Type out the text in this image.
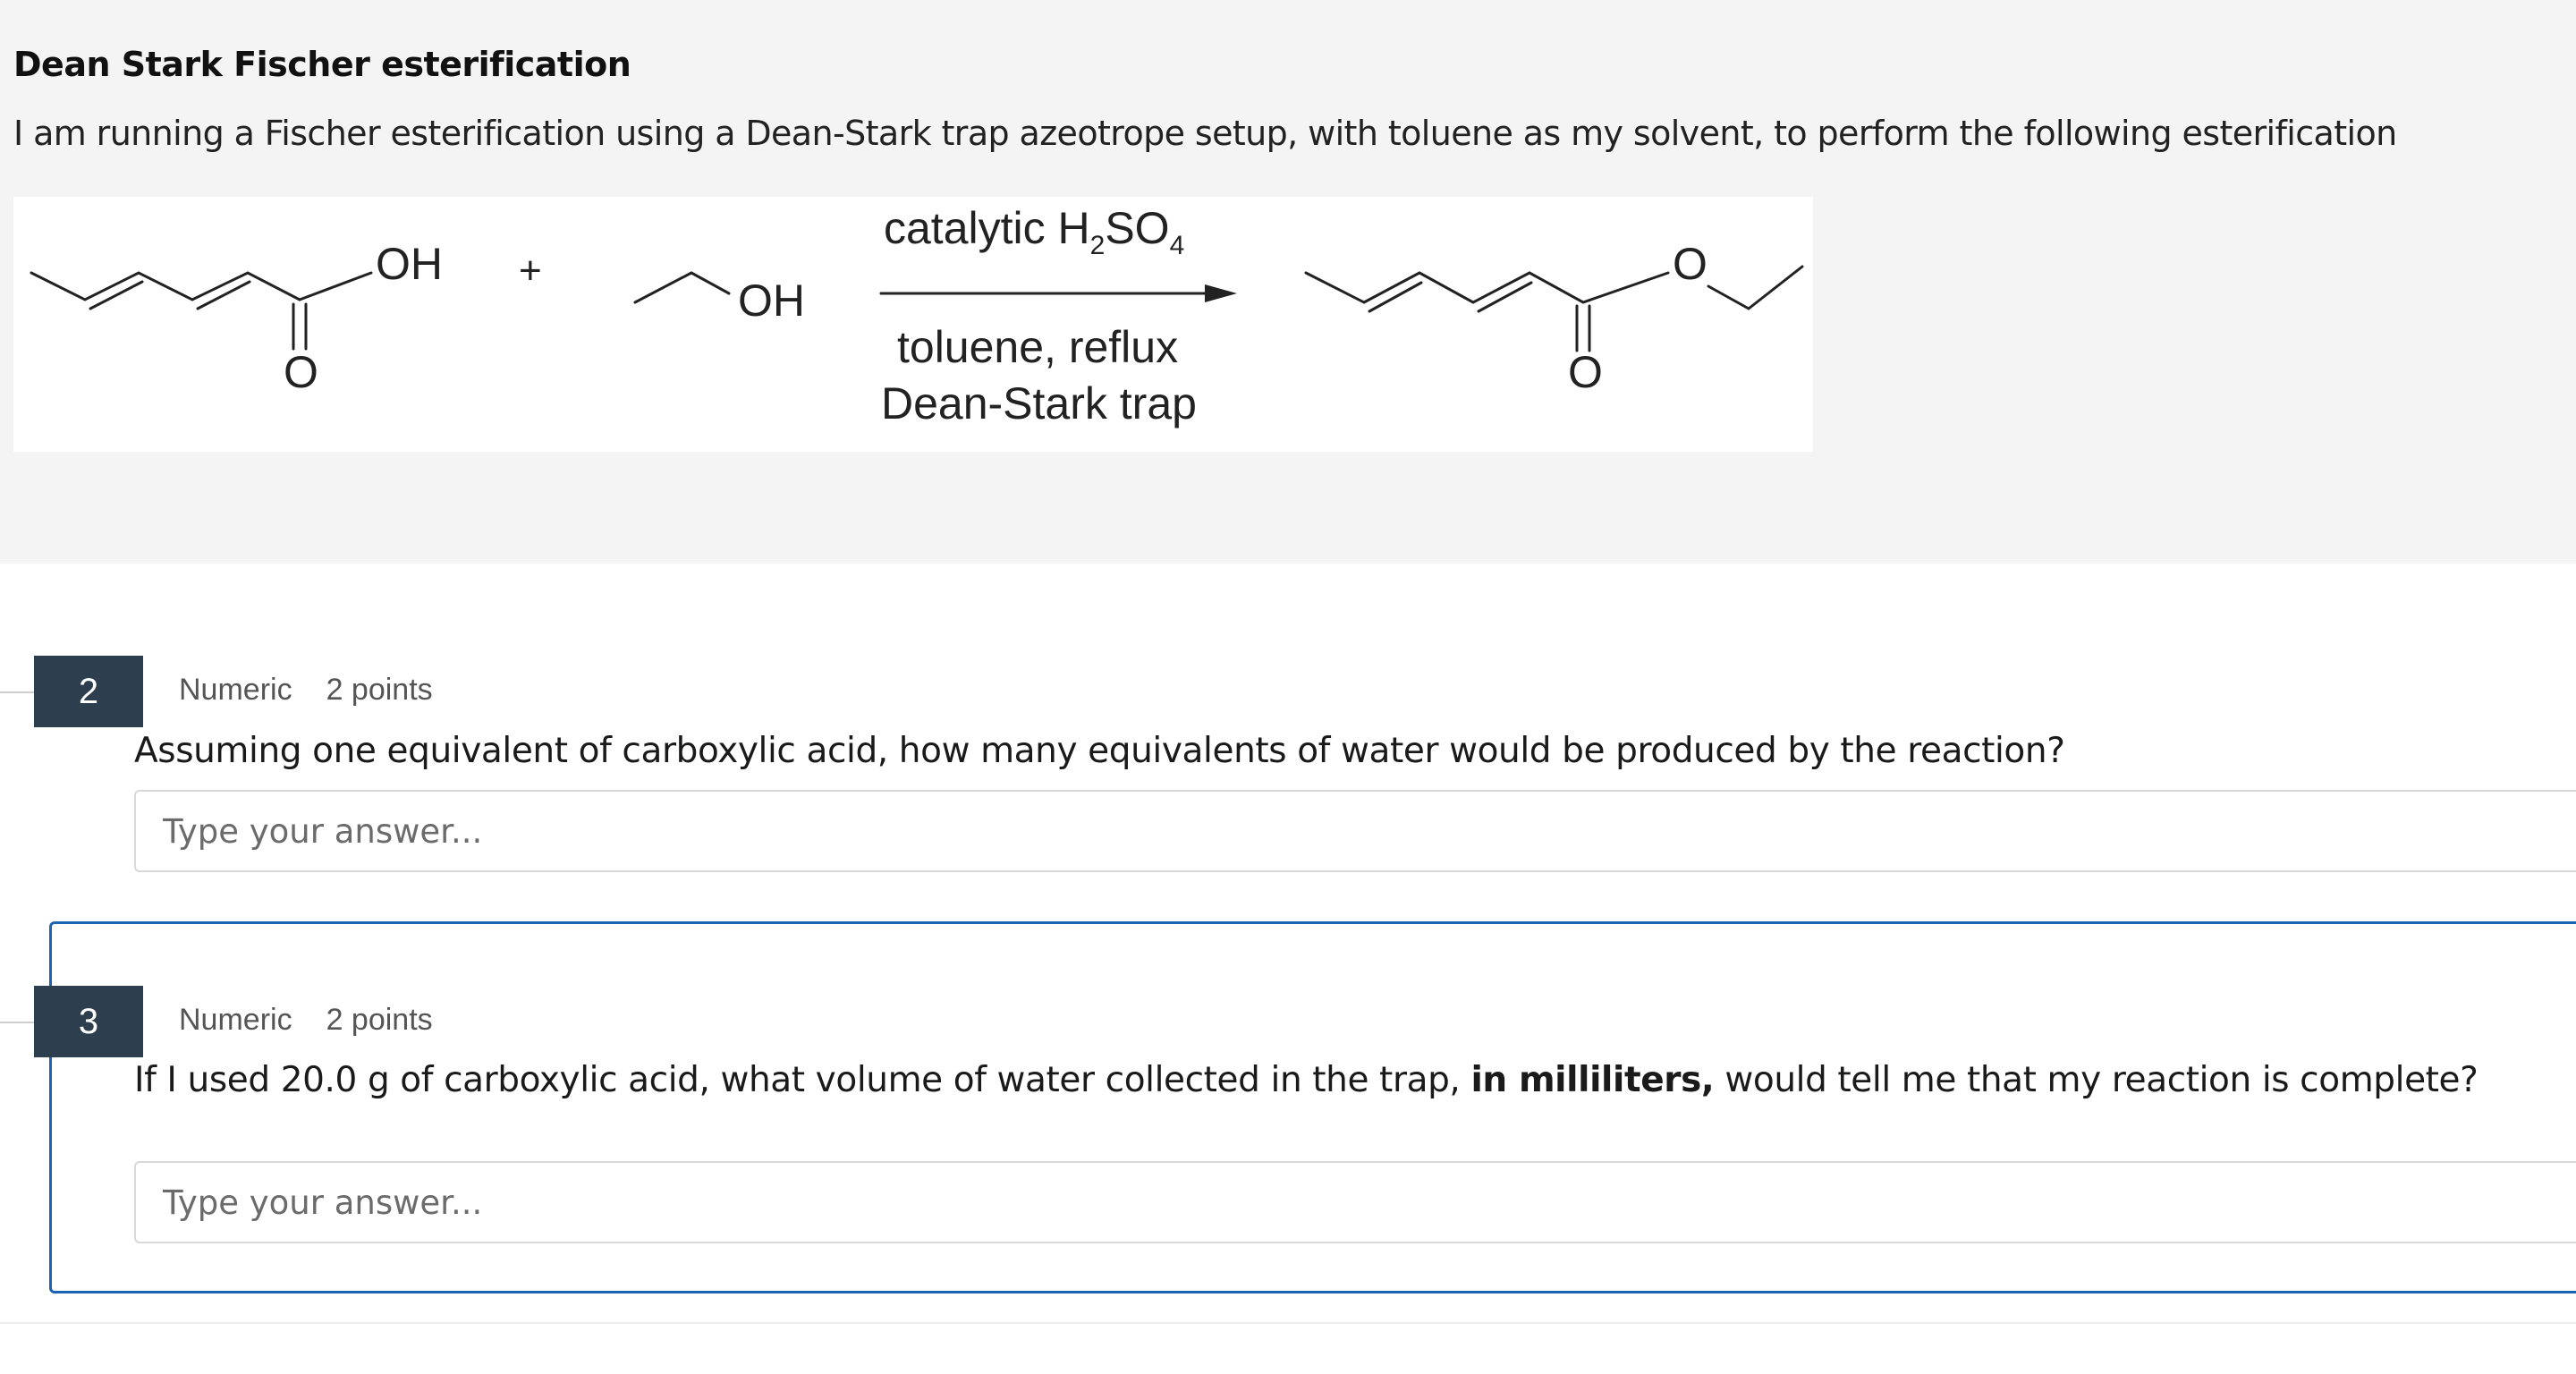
Dean Stark Fischer esterification

I am running a Fischer esterification using a Dean-Stark trap azeotrope setup, with toluene as my solvent, to perform the following esterification

OH
O
+
OH
catalytic $H_2SO_4$
toluene, reflux
Dean-Stark trap
O
O
2	Numeric 2 points

Assuming one equivalent of carboxylic acid, how many equivalents of water would be produced by the reaction?

Type your answer...
3	Numeric 2 points

If I used 20.0 g of carboxylic acid, what volume of water collected in the trap, in milliliters, would tell me that my reaction is complete?

Type your answer...
